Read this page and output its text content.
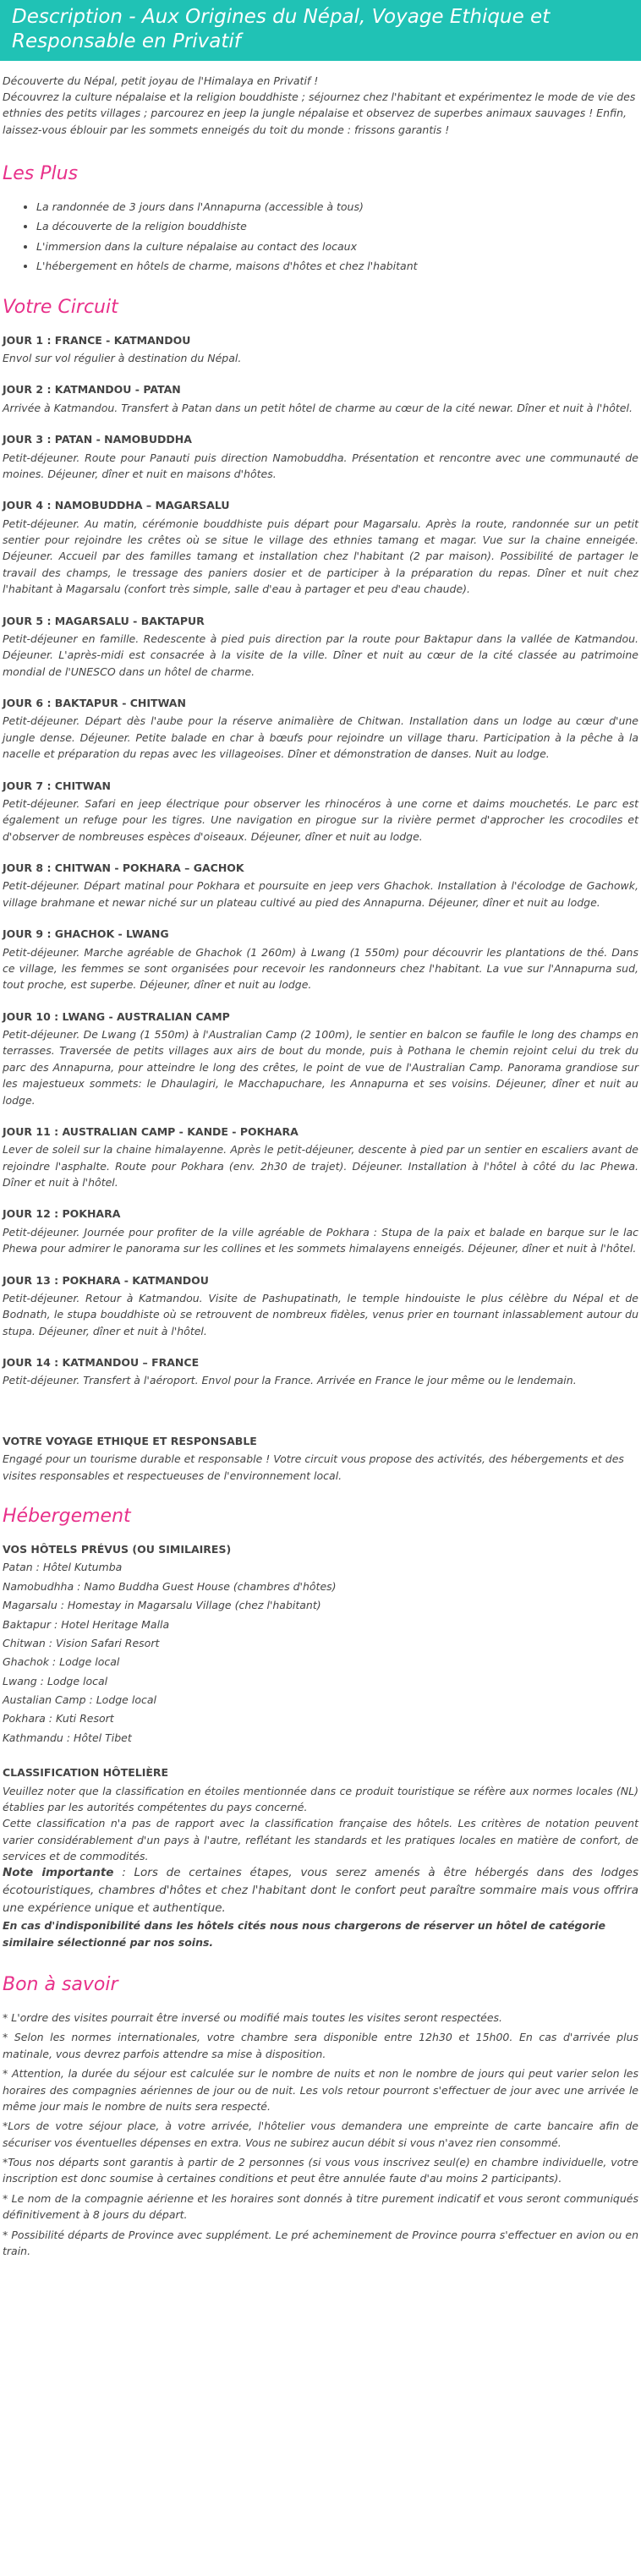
Description - Aux Origines du Népal, Voyage Ethique et Responsable en Privatif

Découverte du Népal, petit joyau de l'Himalaya en Privatif !

Découvrez la culture népalaise et la religion bouddhiste ; séjournez chez l'habitant et expérimentez le mode de vie des ethnies des petits villages ; parcourez en jeep la jungle népalaise et observez de superbes animaux sauvages ! Enfin, laissez-vous éblouir par les sommets enneigés du toit du monde : frissons garantis !

Les Plus
• La randonnée de 3 jours dans l'Annapurna (accessible à tous)
• La découverte de la religion bouddhiste
• L'immersion dans la culture népalaise au contact des locaux
• L'hébergement en hôtels de charme, maisons d'hôtes et chez l'habitant
Votre Circuit
JOUR 1 : FRANCE - KATMANDOU
Envol sur vol régulier à destination du Népal.
JOUR 2 : KATMANDOU - PATAN
Arrivée à Katmandou. Transfert à Patan dans un petit hôtel de charme au cœur de la cité newar. Dîner et nuit à l'hôtel.
JOUR 3 : PATAN - NAMOBUDDHA
Petit-déjeuner. Route pour Panauti puis direction Namobuddha. Présentation et rencontre avec une communauté de moines. Déjeuner, dîner et nuit en maisons d'hôtes.
JOUR 4 : NAMOBUDDHA – MAGARSALU
Petit-déjeuner. Au matin, cérémonie bouddhiste puis départ pour Magarsalu. Après la route, randonnée sur un petit sentier pour rejoindre les crêtes où se situe le village des ethnies tamang et magar. Vue sur la chaine enneigée. Déjeuner. Accueil par des familles tamang et installation chez l'habitant (2 par maison). Possibilité de partager le travail des champs, le tressage des paniers dosier et de participer à la préparation du repas. Dîner et nuit chez l'habitant à Magarsalu (confort très simple, salle d'eau à partager et peu d'eau chaude).
JOUR 5 : MAGARSALU - BAKTAPUR
Petit-déjeuner en famille. Redescente à pied puis direction par la route pour Baktapur dans la vallée de Katmandou. Déjeuner. L'après-midi est consacrée à la visite de la ville. Dîner et nuit au cœur de la cité classée au patrimoine mondial de l'UNESCO dans un hôtel de charme.
JOUR 6 : BAKTAPUR - CHITWAN
Petit-déjeuner. Départ dès l'aube pour la réserve animalière de Chitwan. Installation dans un lodge au cœur d'une jungle dense. Déjeuner. Petite balade en char à bœufs pour rejoindre un village tharu. Participation à la pêche à la nacelle et préparation du repas avec les villageoises. Dîner et démonstration de danses. Nuit au lodge.
JOUR 7 : CHITWAN
Petit-déjeuner. Safari en jeep électrique pour observer les rhinocéros à une corne et daims mouchetés. Le parc est également un refuge pour les tigres. Une navigation en pirogue sur la rivière permet d'approcher les crocodiles et d'observer de nombreuses espèces d'oiseaux. Déjeuner, dîner et nuit au lodge.
JOUR 8 : CHITWAN - POKHARA – GACHOK
Petit-déjeuner. Départ matinal pour Pokhara et poursuite en jeep vers Ghachok. Installation à l'écolodge de Gachowk, village brahmane et newar niché sur un plateau cultivé au pied des Annapurna. Déjeuner, dîner et nuit au lodge.
JOUR 9 : GHACHOK - LWANG
Petit-déjeuner. Marche agréable de Ghachok (1 260m) à Lwang (1 550m) pour découvrir les plantations de thé. Dans ce village, les femmes se sont organisées pour recevoir les randonneurs chez l'habitant. La vue sur l'Annapurna sud, tout proche, est superbe. Déjeuner, dîner et nuit au lodge.
JOUR 10 : LWANG - AUSTRALIAN CAMP
Petit-déjeuner. De Lwang (1 550m) à l'Australian Camp (2 100m), le sentier en balcon se faufile le long des champs en terrasses. Traversée de petits villages aux airs de bout du monde, puis à Pothana le chemin rejoint celui du trek du parc des Annapurna, pour atteindre le long des crêtes, le point de vue de l'Australian Camp. Panorama grandiose sur les majestueux sommets: le Dhaulagiri, le Macchapuchare, les Annapurna et ses voisins. Déjeuner, dîner et nuit au lodge.
JOUR 11 : AUSTRALIAN CAMP - KANDE - POKHARA
Lever de soleil sur la chaine himalayenne. Après le petit-déjeuner, descente à pied par un sentier en escaliers avant de rejoindre l'asphalte. Route pour Pokhara (env. 2h30 de trajet). Déjeuner. Installation à l'hôtel à côté du lac Phewa. Dîner et nuit à l'hôtel.
JOUR 12 : POKHARA
Petit-déjeuner. Journée pour profiter de la ville agréable de Pokhara : Stupa de la paix et balade en barque sur le lac Phewa pour admirer le panorama sur les collines et les sommets himalayens enneigés. Déjeuner, dîner et nuit à l'hôtel.
JOUR 13 : POKHARA - KATMANDOU
Petit-déjeuner. Retour à Katmandou. Visite de Pashupatinath, le temple hindouiste le plus célèbre du Népal et de Bodnath, le stupa bouddhiste où se retrouvent de nombreux fidèles, venus prier en tournant inlassablement autour du stupa. Déjeuner, dîner et nuit à l'hôtel.
JOUR 14 : KATMANDOU – FRANCE
Petit-déjeuner. Transfert à l'aéroport. Envol pour la France. Arrivée en France le jour même ou le lendemain.
VOTRE VOYAGE ETHIQUE ET RESPONSABLE

Engagé pour un tourisme durable et responsable ! Votre circuit vous propose des activités, des hébergements et des visites responsables et respectueuses de l'environnement local.

Hébergement
VOS HÔTELS PRÉVUS (OU SIMILAIRES)

Patan : Hôtel Kutumba

Namobudhha : Namo Buddha Guest House (chambres d'hôtes)

Magarsalu : Homestay in Magarsalu Village (chez l'habitant)

Baktapur : Hotel Heritage Malla

Chitwan : Vision Safari Resort

Ghachok : Lodge local

Lwang : Lodge local

Austalian Camp : Lodge local

Pokhara : Kuti Resort

Kathmandu : Hôtel Tibet

CLASSIFICATION HÔTELIÈRE

Veuillez noter que la classification en étoiles mentionnée dans ce produit touristique se réfère aux normes locales (NL) établies par les autorités compétentes du pays concerné.

Cette classification n'a pas de rapport avec la classification française des hôtels. Les critères de notation peuvent varier considérablement d'un pays à l'autre, reflétant les standards et les pratiques locales en matière de confort, de services et de commodités.

Note importante : Lors de certaines étapes, vous serez amenés à être hébergés dans des lodges écotouristiques, chambres d'hôtes et chez l'habitant dont le confort peut paraître sommaire mais vous offrira une expérience unique et authentique.

En cas d'indisponibilité dans les hôtels cités nous nous chargerons de réserver un hôtel de catégorie similaire sélectionné par nos soins.

Bon à savoir

* L'ordre des visites pourrait être inversé ou modifié mais toutes les visites seront respectées.

* Selon les normes internationales, votre chambre sera disponible entre 12h30 et 15h00. En cas d'arrivée plus matinale, vous devrez parfois attendre sa mise à disposition.

* Attention, la durée du séjour est calculée sur le nombre de nuits et non le nombre de jours qui peut varier selon les horaires des compagnies aériennes de jour ou de nuit. Les vols retour pourront s'effectuer de jour avec une arrivée le même jour mais le nombre de nuits sera respecté.

*Lors de votre séjour place, à votre arrivée, l'hôtelier vous demandera une empreinte de carte bancaire afin de sécuriser vos éventuelles dépenses en extra. Vous ne subirez aucun débit si vous n'avez rien consommé.

*Tous nos départs sont garantis à partir de 2 personnes (si vous vous inscrivez seul(e) en chambre individuelle, votre inscription est donc soumise à certaines conditions et peut être annulée faute d'au moins 2 participants).

* Le nom de la compagnie aérienne et les horaires sont donnés à titre purement indicatif et vous seront communiqués définitivement à 8 jours du départ.

* Possibilité départs de Province avec supplément. Le pré acheminement de Province pourra s'effectuer en avion ou en train.
